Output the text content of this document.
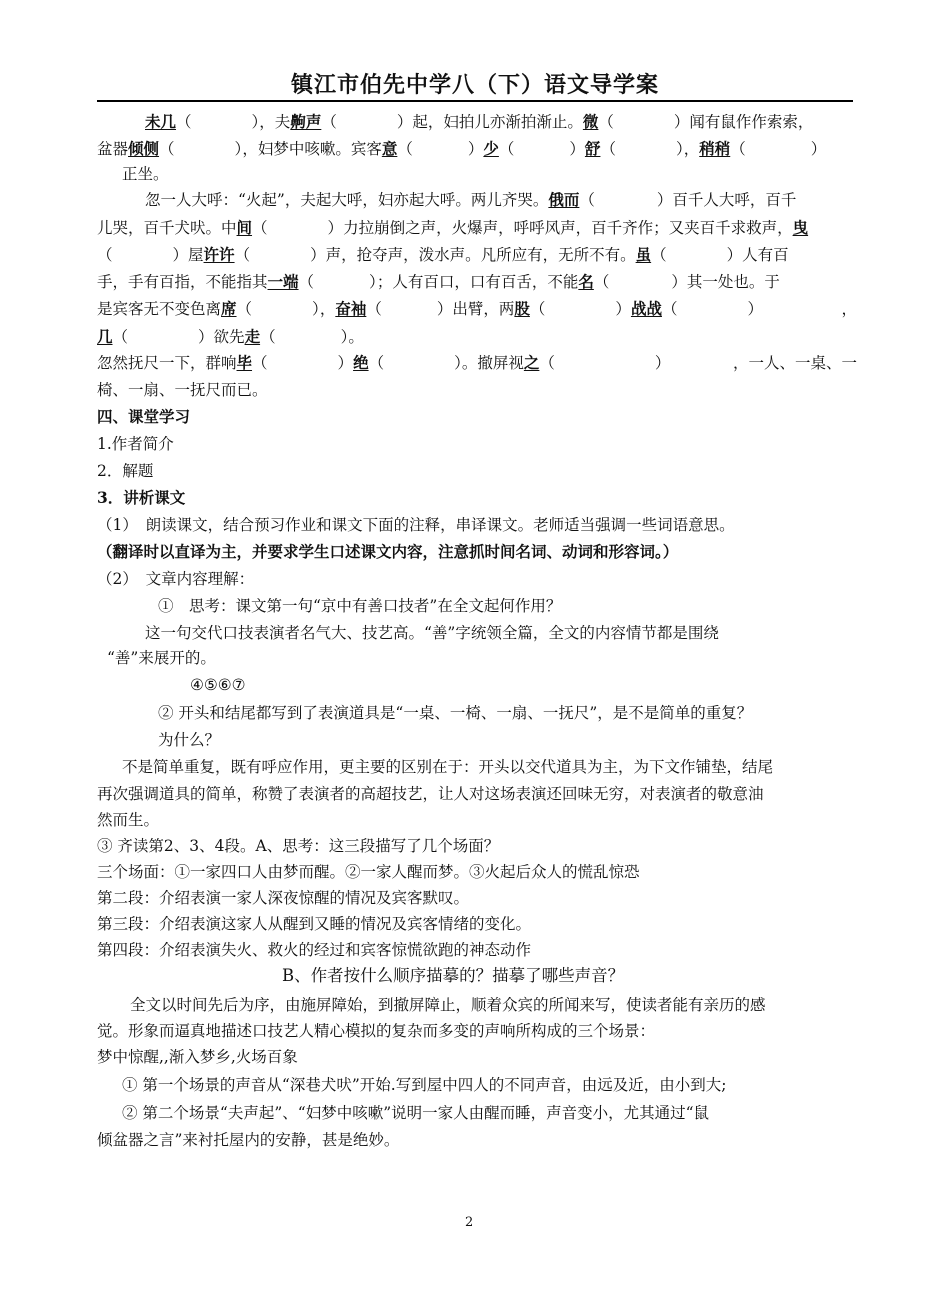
镇江市伯先中学八（下）语文导学案
未几（	），夫齁声（	）起，妇拍儿亦渐拍渐止。微（	）闻有鼠作作索索，
盆器倾侧（	），妇梦中咳嗽。宾客意（	）少（	）舒（	），稍稍（	）
正坐。
忽一人大呼：“火起”，夫起大呼，妇亦起大呼。两儿齐哭。俄而（	）百千人大呼，百千
儿哭，百千犬吠。中间（	）力拉崩倒之声，火爆声，呼呼风声，百千齐作；又夹百千求救声，曳
（	）屋许许（	）声，抢夺声，泼水声。凡所应有，无所不有。虽（	）人有百
手，手有百指，不能指其一端（	）；人有百口，口有百舌，不能名（	）其一处也。于
是宾客无不变色离席（	），奋袖（	）出臂，两股（	）战战（	）	，
几（	）欲先走（	）。
忽然抚尺一下，群响毕（	）绝（	）。撤屏视之（	）	，一人、一桌、一
椅、一扇、一抚尺而已。
四、课堂学习
1.作者简介
2．解题
3．讲析课文
（1）　朗读课文，结合预习作业和课文下面的注释，串译课文。老师适当强调一些词语意思。
（翻译时以直译为主，并要求学生口述课文内容，注意抓时间名词、动词和形容词。）
（2）　文章内容理解：
①　思考：课文第一句“京中有善口技者”在全文起何作用？
这一句交代口技表演者名气大、技艺高。“善”字统领全篇，全文的内容情节都是围绕
“善”来展开的。
④⑤⑥⑦
② 开头和结尾都写到了表演道具是“一桌、一椅、一扇、一抚尺”，是不是简单的重复？
为什么？
不是简单重复，既有呼应作用，更主要的区别在于：开头以交代道具为主，为下文作铺垫，结尾
再次强调道具的简单，称赞了表演者的高超技艺，让人对这场表演还回味无穷，对表演者的敬意油
然而生。
③ 齐读第2、3、4段。A、思考：这三段描写了几个场面？
三个场面：①一家四口人由梦而醒。②一家人醒而梦。③火起后众人的慌乱惊恐
第二段：介绍表演一家人深夜惊醒的情况及宾客默叹。
第三段：介绍表演这家人从醒到又睡的情况及宾客情绪的变化。
第四段：介绍表演失火、救火的经过和宾客惊慌欲跑的神态动作
B、作者按什么顺序描摹的？描摹了哪些声音？
全文以时间先后为序，由施屏障始，到撤屏障止，顺着众宾的所闻来写，使读者能有亲历的感
觉。形象而逼真地描述口技艺人精心模拟的复杂而多变的声响所构成的三个场景：
梦中惊醒,,渐入梦乡,火场百象
① 第一个场景的声音从“深巷犬吠”开始.写到屋中四人的不同声音，由远及近，由小到大;
② 第二个场景“夫声起”、“妇梦中咳嗽”说明一家人由醒而睡，声音变小，尤其通过“鼠
倾盆器之言”来衬托屋内的安静，甚是绝妙。
2
